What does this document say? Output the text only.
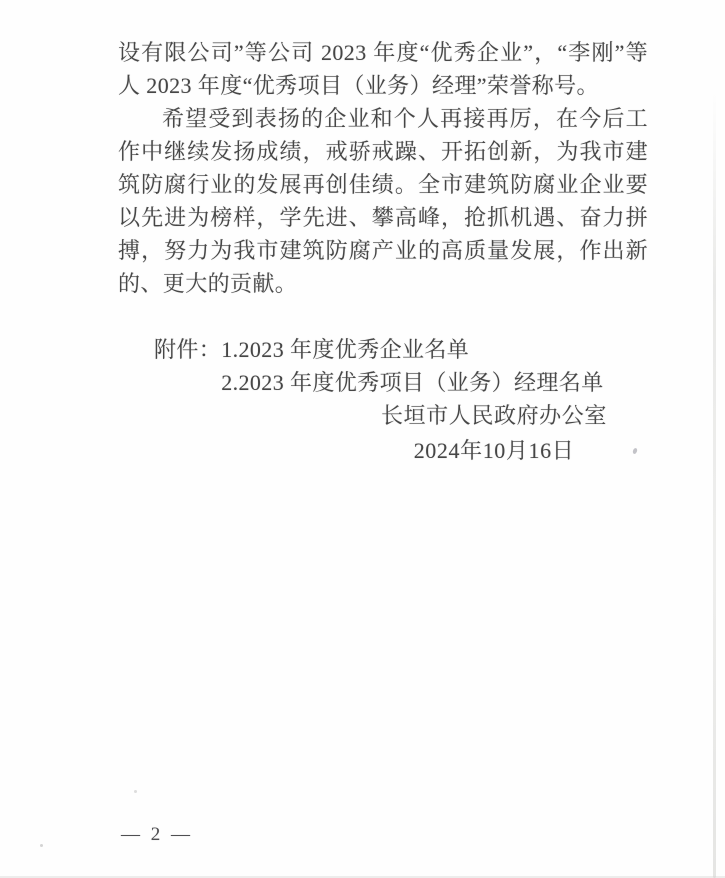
设有限公司”等公司 2023 年度“优秀企业”，“李刚”等人 2023 年度“优秀项目（业务）经理”荣誉称号。

希望受到表扬的企业和个人再接再厉，在今后工作中继续发扬成绩，戒骄戒躁、开拓创新，为我市建筑防腐行业的发展再创佳绩。全市建筑防腐业企业要以先进为榜样，学先进、攀高峰，抢抓机遇、奋力拼搏，努力为我市建筑防腐产业的高质量发展，作出新的、更大的贡献。

附件： 1.2023 年度优秀企业名单
2.2023 年度优秀项目（业务）经理名单
长垣市人民政府办公室
2024年10月16日
— 2 —
